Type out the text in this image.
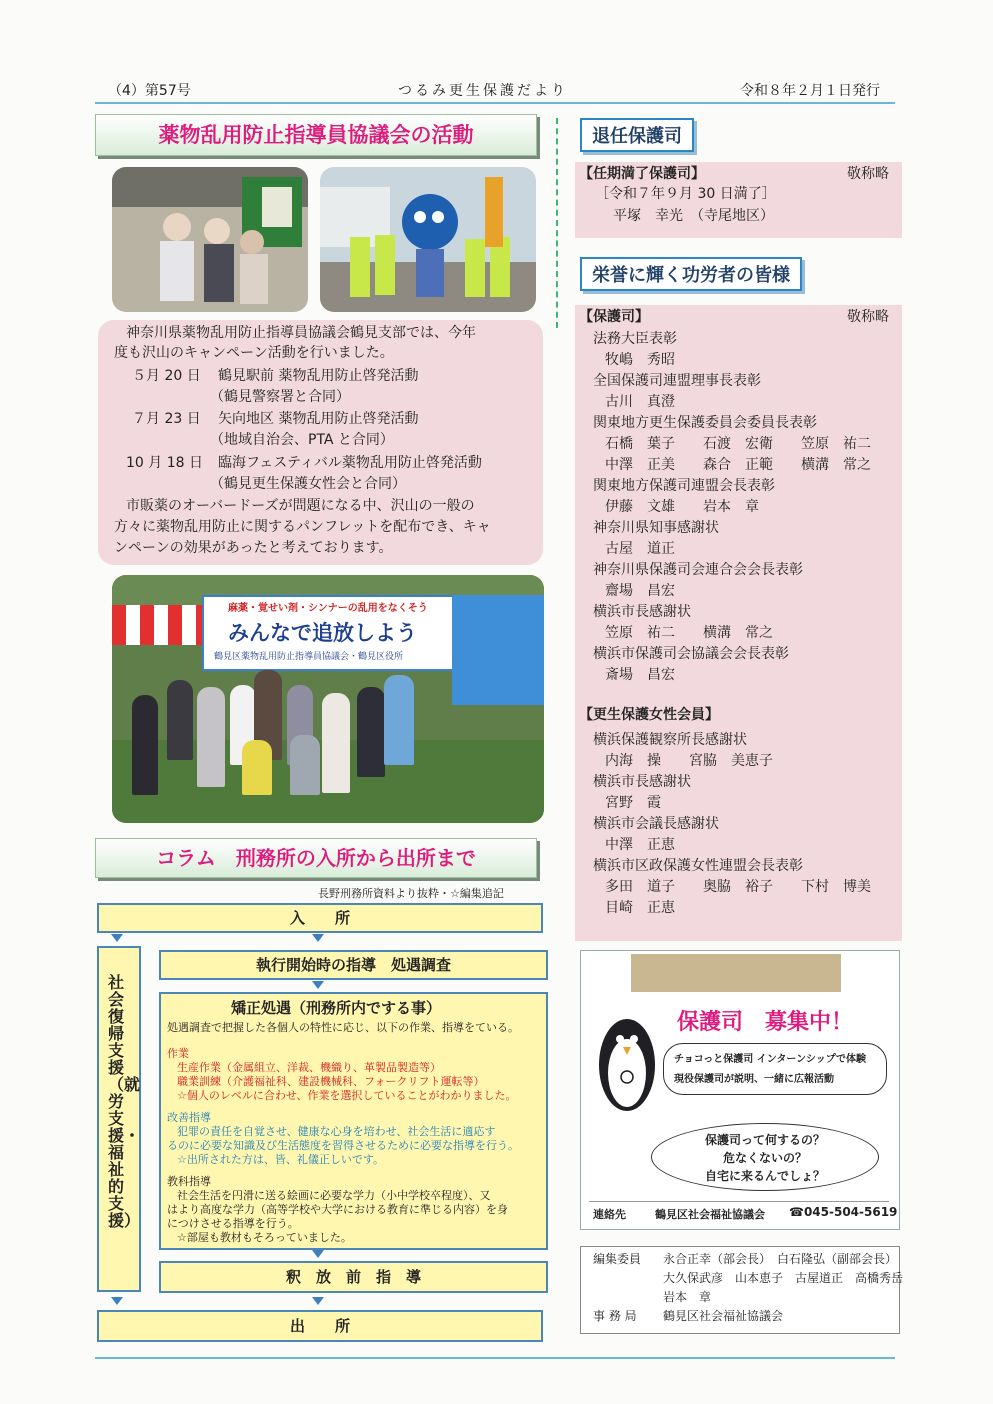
（4）第57号	つるみ更生保護だより	令和８年２月１日発行
薬物乱用防止指導員協議会の活動
神奈川県薬物乱用防止指導員協議会鶴見支部では、今年
度も沢山のキャンペーン活動を行いました。
５月 20 日 鶴見駅前 薬物乱用防止啓発活動
（鶴見警察署と合同）
７月 23 日 矢向地区 薬物乱用防止啓発活動
（地域自治会、PTA と合同）
10 月 18 日 臨海フェスティバル薬物乱用防止啓発活動
（鶴見更生保護女性会と合同）
市販薬のオーバードーズが問題になる中、沢山の一般の
方々に薬物乱用防止に関するパンフレットを配布でき、キャ
ンペーンの効果があったと考えております。
麻薬・覚せい剤・シンナーの乱用をなくそう
みんなで追放しよう
鶴見区薬物乱用防止指導員協議会・鶴見区役所
コラム　刑務所の入所から出所まで
長野刑務所資料より抜粋・☆編集追記
入　　所
社会復帰支援（就労支援・福祉的支援）
執行開始時の指導　処遇調査
矯正処遇（刑務所内でする事）
処遇調査で把握した各個人の特性に応じ、以下の作業、指導をている。
作業
生産作業（金属組立、洋裁、機織り、革製品製造等）
職業訓練（介護福祉科、建設機械科、フォークリフト運転等）
☆個人のレベルに合わせ、作業を選択していることがわかりました。
改善指導
犯罪の責任を自覚させ、健康な心身を培わせ、社会生活に適応す
るのに必要な知識及び生活態度を習得させるために必要な指導を行う。
☆出所された方は、皆、礼儀正しいです。
教科指導
社会生活を円滑に送る絵画に必要な学力（小中学校卒程度）、又
はより高度な学力（高等学校や大学における教育に準じる内容）を身
につけさせる指導を行う。
☆部屋も教材もそろっていました。
釈　放　前　指　導
出　　所
退任保護司
【任期満了保護司】	敬称略
［令和７年９月 30 日満了］
平塚　幸光　（寺尾地区）
栄誉に輝く功労者の皆様
【保護司】	敬称略
法務大臣表彰
牧嶋　秀昭
全国保護司連盟理事長表彰
古川　真澄
関東地方更生保護委員会委員長表彰
石橋　葉子　　石渡　宏衛　　笠原　祐二
中澤　正美　　森合　正範　　横溝　常之
関東地方保護司連盟会長表彰
伊藤　文雄　　岩本　章
神奈川県知事感謝状
古屋　道正
神奈川県保護司会連合会会長表彰
齋場　昌宏
横浜市長感謝状
笠原　祐二　　横溝　常之
横浜市保護司会協議会会長表彰
斎場　昌宏
【更生保護女性会員】
横浜保護観察所長感謝状
内海　操　　宮脇　美恵子
横浜市長感謝状
宮野　霞
横浜市会議長感謝状
中澤　正恵
横浜市区政保護女性連盟会長表彰
多田　道子　　奥脇　裕子　　下村　博美
目崎　正恵
保護司　募集中！
チョコっと保護司 インターンシップで体験
現役保護司が説明、一緒に広報活動
保護司って何するの？
危なくないの？
自宅に来るんでしょ？
連絡先	鶴見区社会福祉協議会 ☎045-504-5619
編集委員 永合正幸（部会長）　白石隆弘（副部会長）
大久保武彦　山本恵子　古屋道正　高橋秀岳
岩本　章
事 務 局 鶴見区社会福祉協議会
